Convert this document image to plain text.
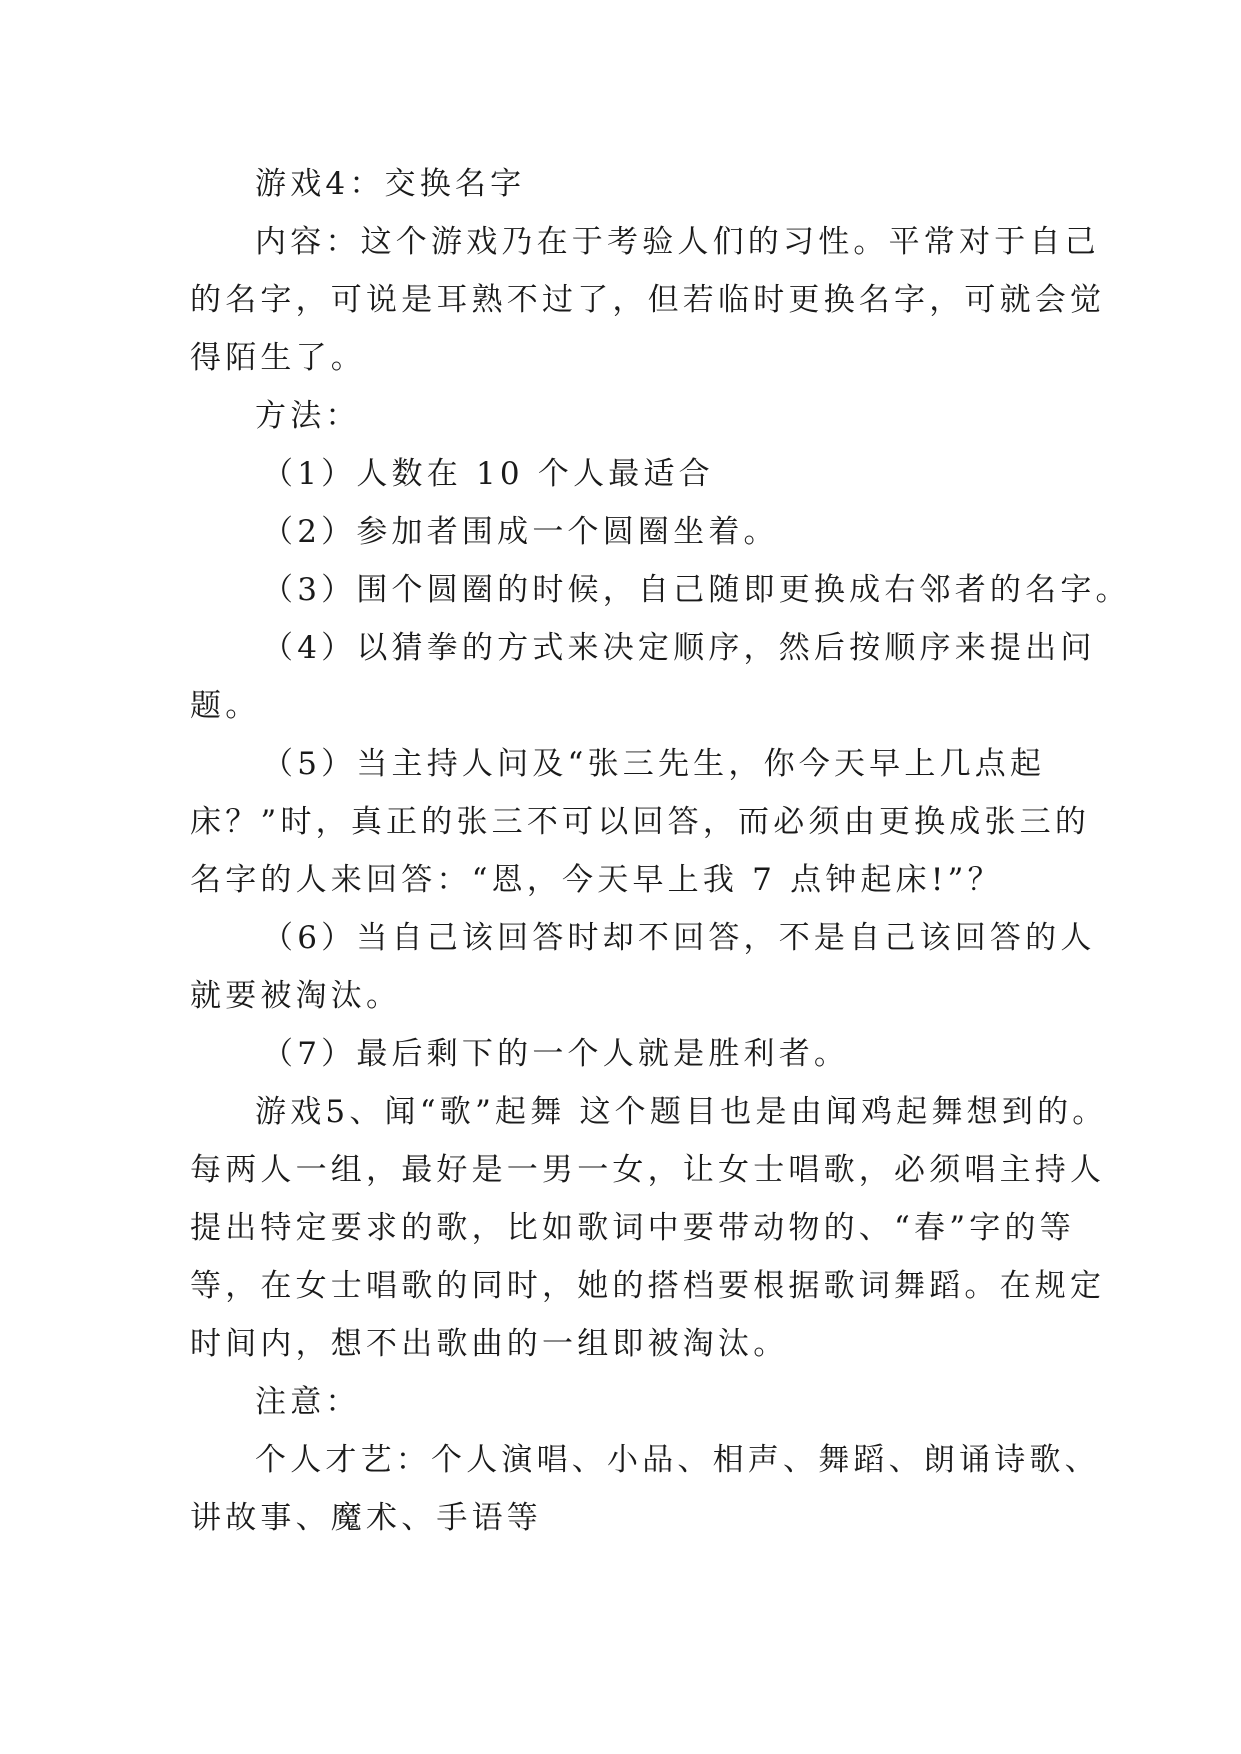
游戏4：交换名字
内容：这个游戏乃在于考验人们的习性。平常对于自己
的名字，可说是耳熟不过了，但若临时更换名字，可就会觉
得陌生了。
方法：
（1）人数在 10 个人最适合
（2）参加者围成一个圆圈坐着。
（3）围个圆圈的时候，自己随即更换成右邻者的名字。
（4）以猜拳的方式来决定顺序，然后按顺序来提出问
题。
（5）当主持人问及“张三先生，你今天早上几点起
床？”时，真正的张三不可以回答，而必须由更换成张三的
名字的人来回答：“恩，今天早上我 7 点钟起床!”？
（6）当自己该回答时却不回答，不是自己该回答的人
就要被淘汰。
（7）最后剩下的一个人就是胜利者。
游戏5、闻“歌”起舞 这个题目也是由闻鸡起舞想到的。
每两人一组，最好是一男一女，让女士唱歌，必须唱主持人
提出特定要求的歌，比如歌词中要带动物的、“春”字的等
等，在女士唱歌的同时，她的搭档要根据歌词舞蹈。在规定
时间内，想不出歌曲的一组即被淘汰。
注意：
个人才艺：个人演唱、小品、相声、舞蹈、朗诵诗歌、
讲故事、魔术、手语等
